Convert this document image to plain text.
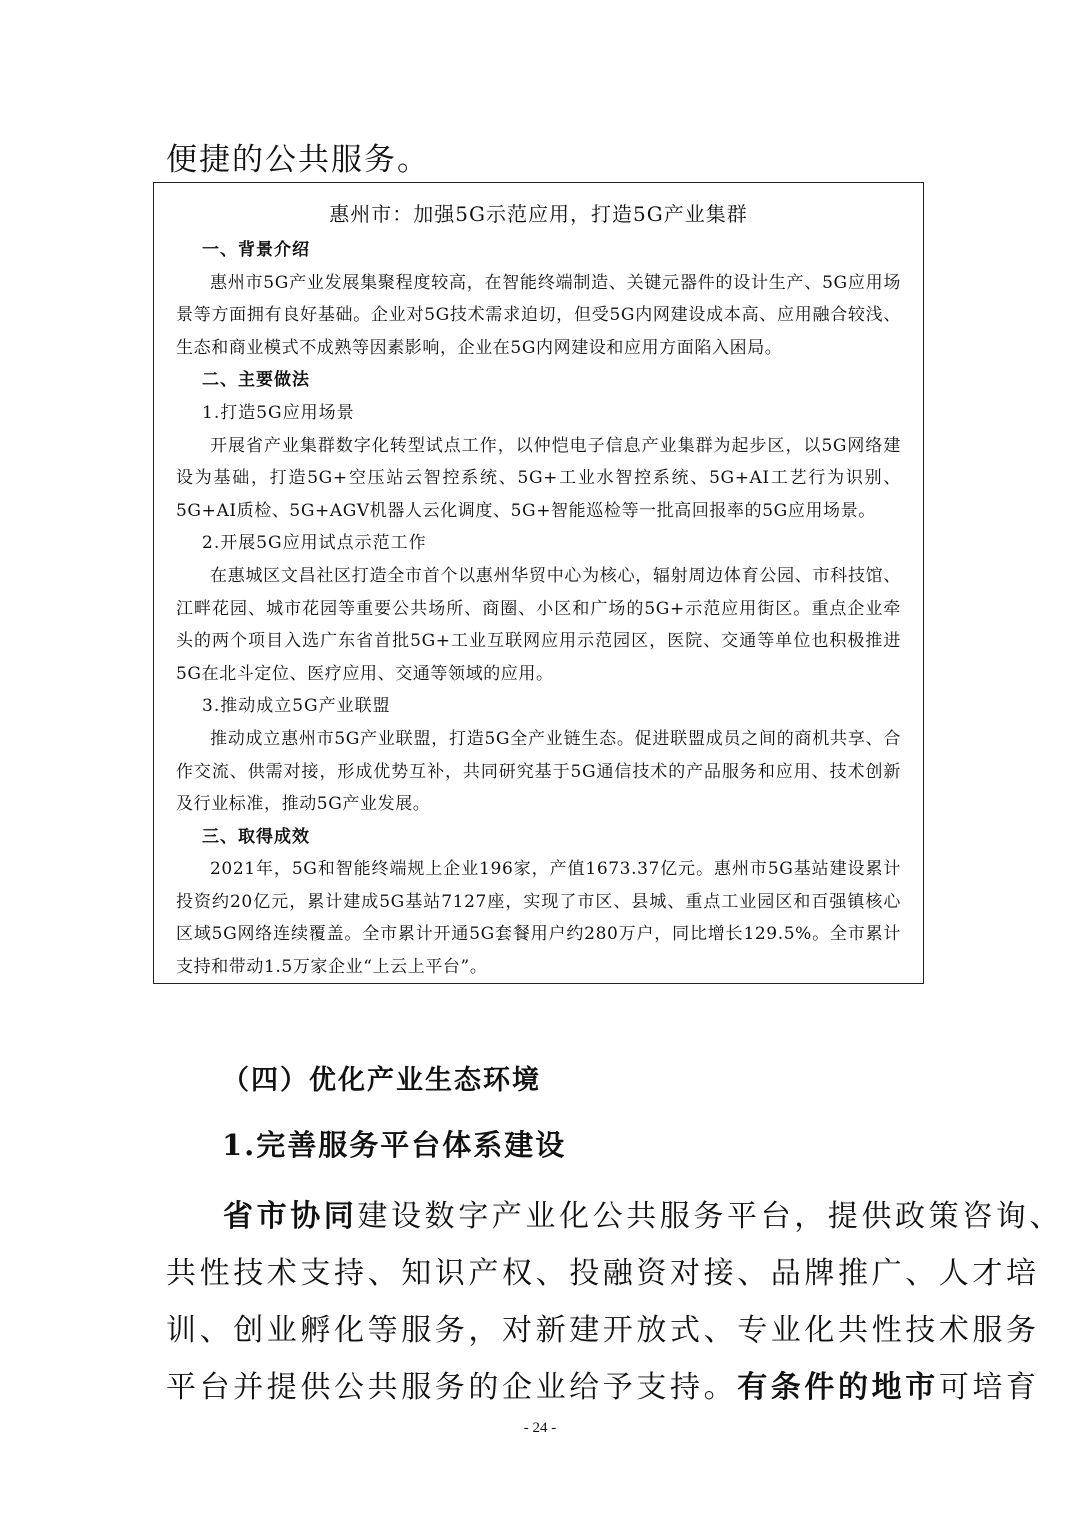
便捷的公共服务。
惠州市：加强5G示范应用，打造5G产业集群
一、背景介绍

惠州市5G产业发展集聚程度较高，在智能终端制造、关键元器件的设计生产、5G应用场景等方面拥有良好基础。企业对5G技术需求迫切，但受5G内网建设成本高、应用融合较浅、生态和商业模式不成熟等因素影响，企业在5G内网建设和应用方面陷入困局。

二、主要做法
1.打造5G应用场景

开展省产业集群数字化转型试点工作，以仲恺电子信息产业集群为起步区，以5G网络建设为基础，打造5G+空压站云智控系统、5G+工业水智控系统、5G+AI工艺行为识别、5G+AI质检、5G+AGV机器人云化调度、5G+智能巡检等一批高回报率的5G应用场景。

2.开展5G应用试点示范工作

在惠城区文昌社区打造全市首个以惠州华贸中心为核心，辐射周边体育公园、市科技馆、江畔花园、城市花园等重要公共场所、商圈、小区和广场的5G+示范应用街区。重点企业牵头的两个项目入选广东省首批5G+工业互联网应用示范园区，医院、交通等单位也积极推进5G在北斗定位、医疗应用、交通等领域的应用。

3.推动成立5G产业联盟

推动成立惠州市5G产业联盟，打造5G全产业链生态。促进联盟成员之间的商机共享、合作交流、供需对接，形成优势互补，共同研究基于5G通信技术的产品服务和应用、技术创新及行业标准，推动5G产业发展。

三、取得成效

2021年，5G和智能终端规上企业196家，产值1673.37亿元。惠州市5G基站建设累计投资约20亿元，累计建成5G基站7127座，实现了市区、县城、重点工业园区和百强镇核心区域5G网络连续覆盖。全市累计开通5G套餐用户约280万户，同比增长129.5%。全市累计支持和带动1.5万家企业“上云上平台”。

（四）优化产业生态环境
1.完善服务平台体系建设
省市协同建设数字产业化公共服务平台，提供政策咨询、
共性技术支持、知识产权、投融资对接、品牌推广、人才培
训、创业孵化等服务，对新建开放式、专业化共性技术服务
平台并提供公共服务的企业给予支持。有条件的地市可培育
- 24 -
